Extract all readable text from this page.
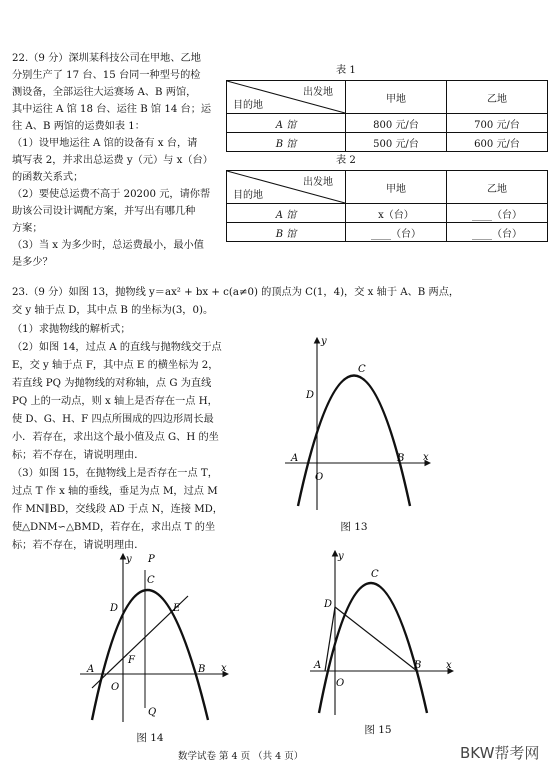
22.（9 分）深圳某科技公司在甲地、乙地
分别生产了 17 台、15 台同一种型号的检
测设备，全部运往大运赛场 A、B 两馆，
其中运往 A 馆 18 台、运往 B 馆 14 台；运
往 A、B 两馆的运费如表 1：
（1）设甲地运往 A 馆的设备有 x 台，请
填写表 2，并求出总运费 y（元）与 x（台）
的函数关系式；
（2）要使总运费不高于 20200 元，请你帮
助该公司设计调配方案，并写出有哪几种
方案；
（3）当 x 为多少时，总运费最小，最小值
是多少？
表 1
出发地
目的地	甲地	乙地
A 馆	800 元/台	700 元/台
B 馆	500 元/台	600 元/台
表 2
出发地
目的地	甲地	乙地
A 馆	x（台）	____（台）
B 馆	____（台）	____（台）
23.（9 分）如图 13，抛物线 y＝ax² + bx + c(a≠0) 的顶点为 C(1，4)，交 x 轴于 A、B 两点，
交 y 轴于点 D，其中点 B 的坐标为(3，0)。
（1）求抛物线的解析式；
（2）如图 14，过点 A 的直线与抛物线交于点
E，交 y 轴于点 F，其中点 E 的横坐标为 2，
若直线 PQ 为抛物线的对称轴，点 G 为直线
PQ 上的一动点，则 x 轴上是否存在一点 H，
使 D、G、H、F 四点所围成的四边形周长最
小．若存在，求出这个最小值及点 G、H 的坐
标；若不存在，请说明理由．
（3）如图 15，在抛物线上是否存在一点 T，
过点 T 作 x 轴的垂线，垂足为点 M，过点 M
作 MN∥BD，交线段 AD 于点 N，连接 MD，
使△DNM∽△BMD，若存在，求出点 T 的坐
标；若不存在，请说明理由．
y
x
C
D
A	B
O
图 13
y
x
P
Q
C
D	E
F
A	B
O
图 14
y
x
C
D
A	B
O
图 15
数学试卷 第 4 页 （共 4 页）	BKW帮考网
